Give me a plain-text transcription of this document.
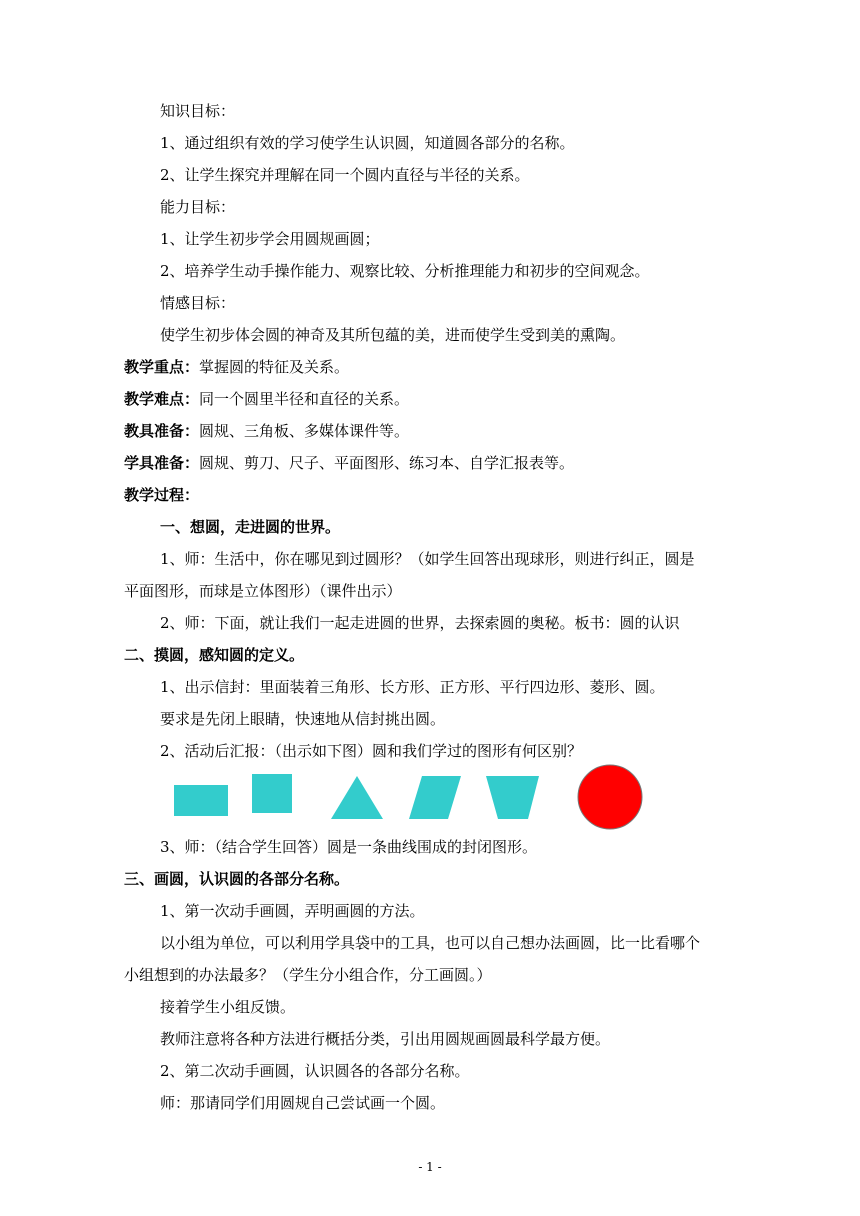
知识目标：
1、通过组织有效的学习使学生认识圆，知道圆各部分的名称。
2、让学生探究并理解在同一个圆内直径与半径的关系。
能力目标：
1、让学生初步学会用圆规画圆；
2、培养学生动手操作能力、观察比较、分析推理能力和初步的空间观念。
情感目标：
使学生初步体会圆的神奇及其所包蕴的美，进而使学生受到美的熏陶。
教学重点：掌握圆的特征及关系。
教学难点：同一个圆里半径和直径的关系。
教具准备：圆规、三角板、多媒体课件等。
学具准备：圆规、剪刀、尺子、平面图形、练习本、自学汇报表等。
教学过程：
一、想圆，走进圆的世界。
1、师：生活中，你在哪见到过圆形？（如学生回答出现球形，则进行纠正，圆是
平面图形，而球是立体图形）（课件出示）
2、师：下面，就让我们一起走进圆的世界，去探索圆的奥秘。板书：圆的认识
二、摸圆，感知圆的定义。
1、出示信封：里面装着三角形、长方形、正方形、平行四边形、菱形、圆。
要求是先闭上眼睛，快速地从信封挑出圆。
2、活动后汇报：（出示如下图）圆和我们学过的图形有何区别？
3、师：（结合学生回答）圆是一条曲线围成的封闭图形。
三、画圆，认识圆的各部分名称。
1、第一次动手画圆，弄明画圆的方法。
以小组为单位，可以利用学具袋中的工具，也可以自己想办法画圆，比一比看哪个
小组想到的办法最多？（学生分小组合作，分工画圆。）
接着学生小组反馈。
教师注意将各种方法进行概括分类，引出用圆规画圆最科学最方便。
2、第二次动手画圆，认识圆各的各部分名称。
师：那请同学们用圆规自己尝试画一个圆。
- 1 -
